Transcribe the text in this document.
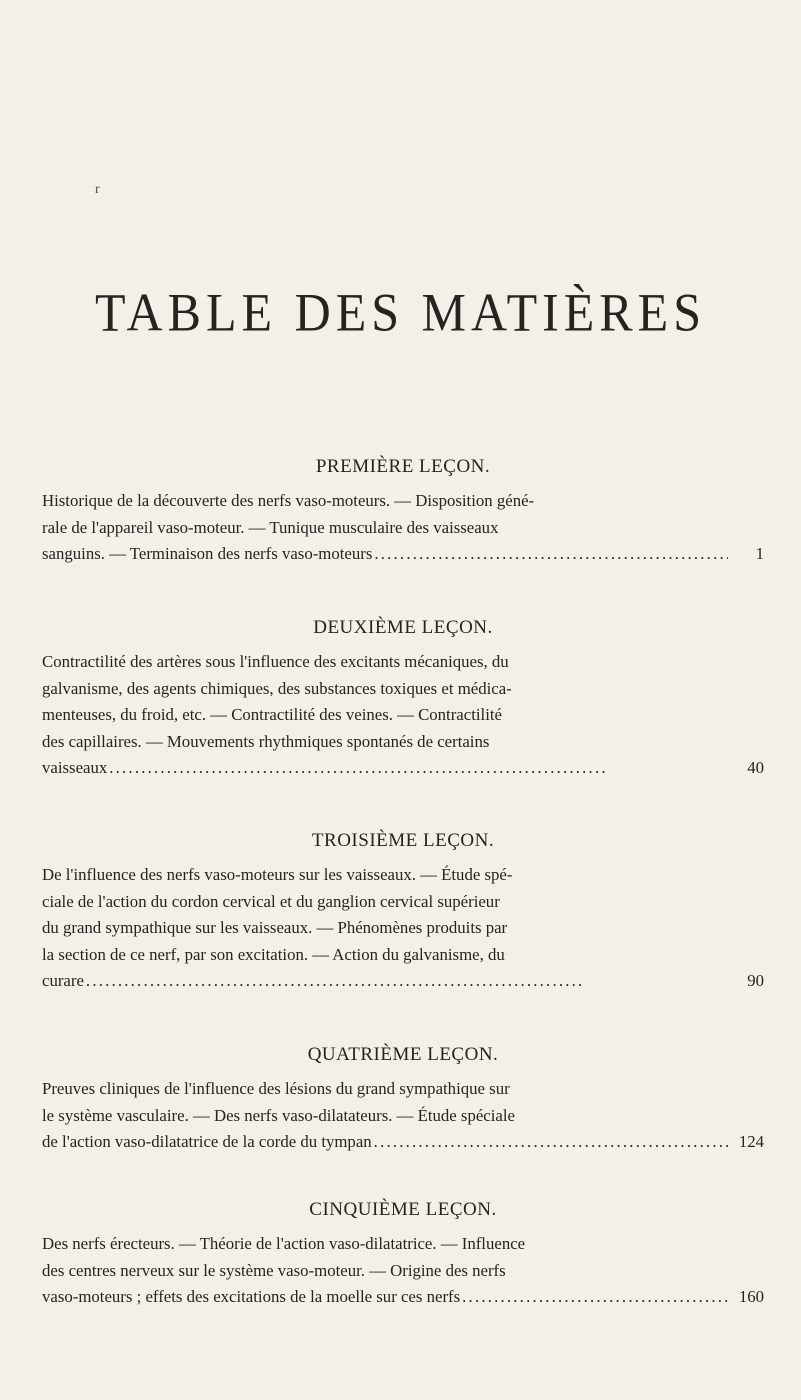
r
TABLE DES MATIÈRES
PREMIÈRE LEÇON.

Historique de la découverte des nerfs vaso-moteurs. — Disposition géné-
rale de l'appareil vaso-moteur. — Tunique musculaire des vaisseaux
sanguins. — Terminaison des nerfs vaso-moteurs . . .	1

DEUXIÈME LEÇON.

Contractilité des artères sous l'influence des excitants mécaniques, du
galvanisme, des agents chimiques, des substances toxiques et médica-
menteuses, du froid, etc. — Contractilité des veines. — Contractilité
des capillaires. — Mouvements rhythmiques spontanés de certains
vaisseaux . . .	40

TROISIÈME LEÇON.

De l'influence des nerfs vaso-moteurs sur les vaisseaux. — Étude spé-
ciale de l'action du cordon cervical et du ganglion cervical supérieur
du grand sympathique sur les vaisseaux. — Phénomènes produits par
la section de ce nerf, par son excitation. — Action du galvanisme, du
curare . . .	90

QUATRIÈME LEÇON.

Preuves cliniques de l'influence des lésions du grand sympathique sur
le système vasculaire. — Des nerfs vaso-dilatateurs. — Étude spéciale
de l'action vaso-dilatatrice de la corde du tympan . . .	124

CINQUIÈME LEÇON.

Des nerfs érecteurs. — Théorie de l'action vaso-dilatatrice. — Influence
des centres nerveux sur le système vaso-moteur. — Origine des nerfs
vaso-moteurs ; effets des excitations de la moelle sur ces nerfs . . .	160
